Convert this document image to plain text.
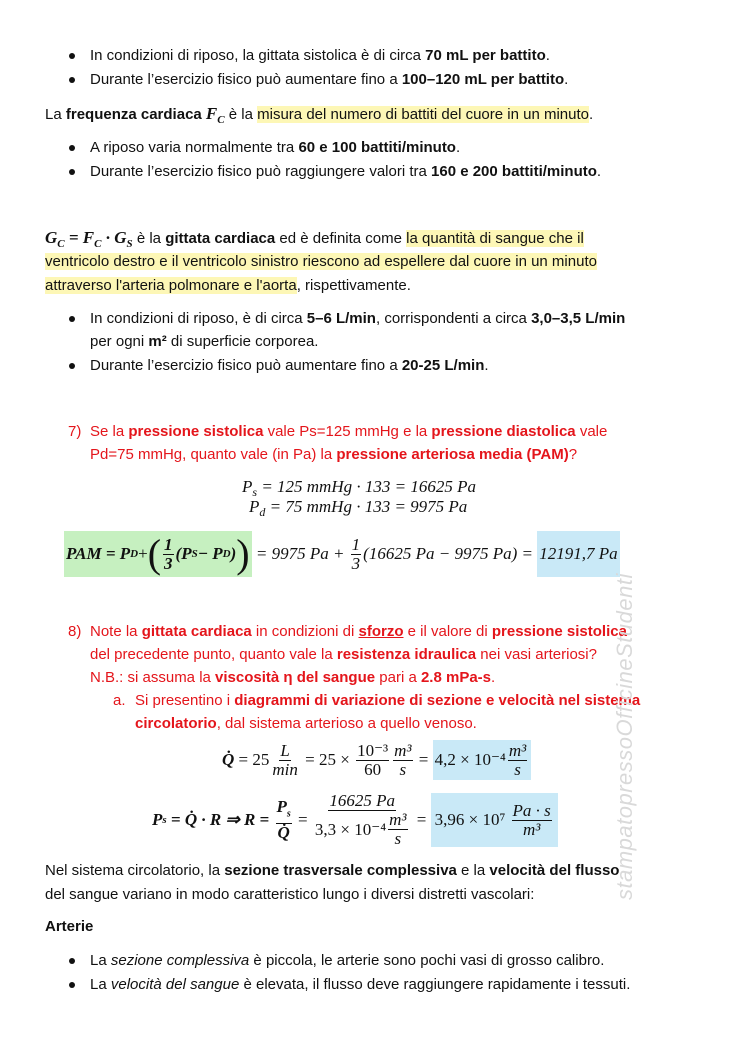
In condizioni di riposo, la gittata sistolica è di circa 70 mL per battito.
Durante l’esercizio fisico può aumentare fino a 100–120 mL per battito.
La frequenza cardiaca $F_C$ è la misura del numero di battiti del cuore in un minuto.
A riposo varia normalmente tra 60 e 100 battiti/minuto.
Durante l’esercizio fisico può raggiungere valori tra 160 e 200 battiti/minuto.
$G_C = F_C \cdot G_S$ è la gittata cardiaca ed è definita come la quantità di sangue che il
ventricolo destro e il ventricolo sinistro riescono ad espellere dal cuore in un minuto
attraverso l'arteria polmonare e l'aorta, rispettivamente.
In condizioni di riposo, è di circa 5–6 L/min, corrispondenti a circa 3,0–3,5 L/min
per ogni m² di superficie corporea.
Durante l’esercizio fisico può aumentare fino a 20-25 L/min.
7) Se la pressione sistolica vale Ps=125 mmHg e la pressione diastolica vale
Pd=75 mmHg, quanto vale (in Pa) la pressione arteriosa media (PAM)?
$P_s = 125$ mmHg · 133 = 16625 Pa
$P_d = 75$ mmHg · 133 = 9975 Pa
PAM = P D + ( $\frac{1}{3} (P$ S − P D ) ) = 9975 $Pa + \frac{1}{3} (16625$ Pa − 9975 Pa) = 12191,7 Pa
8) Note la gittata cardiaca in condizioni di sforzo e il valore di pressione sistolica
del precedente punto, quanto vale la resistenza idraulica nei vasi arteriosi?
N.B.: si assuma la viscosità η del sangue pari a 2.8 mPa-s.
a. Si presentino i diagrammi di variazione di sezione e velocità nel sistema
circolatorio, dal sistema arterioso a quello venoso.
Q̇ = $25 \frac{L}{\min} = 25 \times \frac{\text{10⁻³}}{60} \frac{\text{m³}}{s} = 4,2 \times 10^{-4} \frac{\text{m³}}{s}$
P s = Q̇ · R ⇒ $R = \frac{P_s}{Q̇} = \frac{16625 Pa}{3,3 \times 10^{-4} \frac{\text{m³}}{s}} = 3,96 \times 10^7$
$\frac{Pa \cdot s}{\text{m³}}$
Nel sistema circolatorio, la sezione trasversale complessiva e la velocità del flusso
del sangue variano in modo caratteristico lungo i diversi distretti vascolari:
Arterie
La sezione complessiva è piccola, le arterie sono pochi vasi di grosso calibro.
La velocità del sangue è elevata, il flusso deve raggiungere rapidamente i tessuti.
stampatopressoOfficineStudenti
